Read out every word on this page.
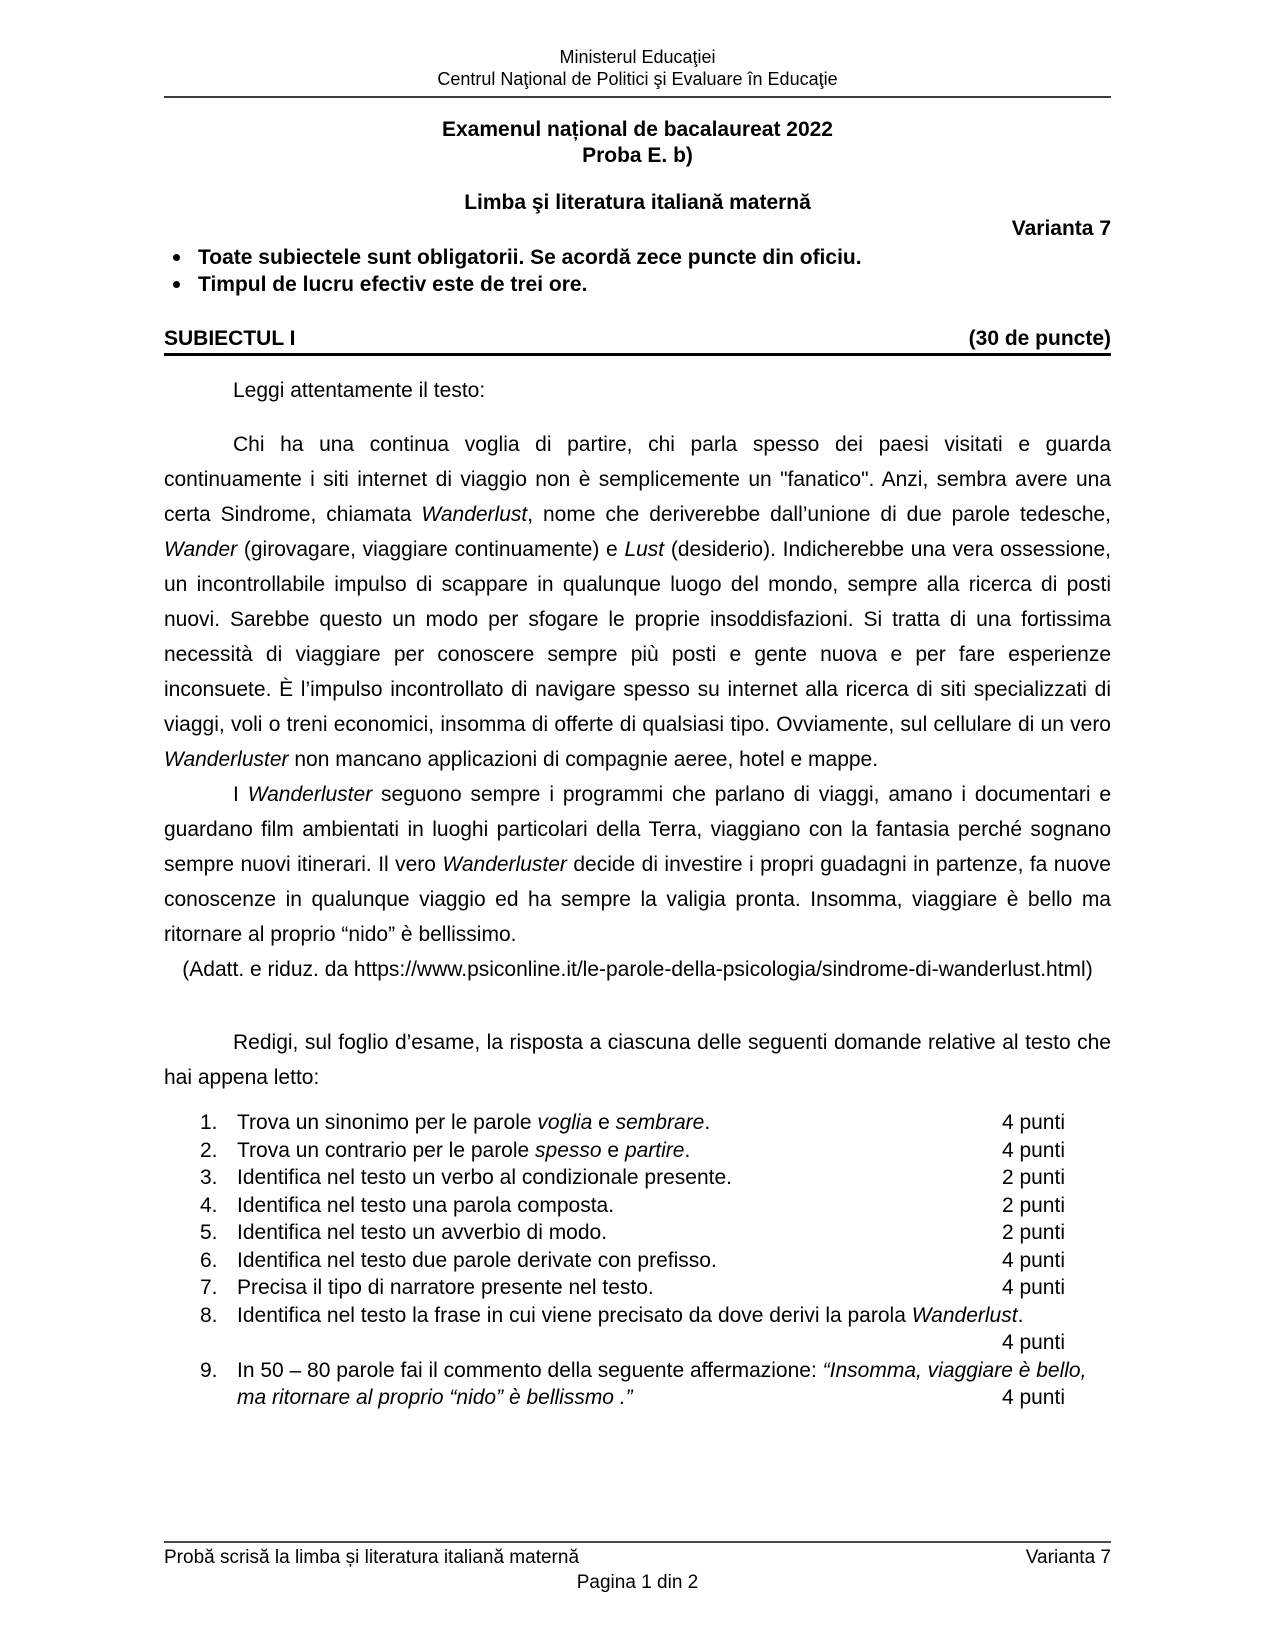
Ministerul Educaţiei
Centrul Naţional de Politici şi Evaluare în Educaţie
Examenul național de bacalaureat 2022
Proba E. b)
Limba şi literatura italiană maternă
Varianta 7
Toate subiectele sunt obligatorii. Se acordă zece puncte din oficiu.
Timpul de lucru efectiv este de trei ore.
SUBIECTUL I	(30 de puncte)

Leggi attentamente il testo:

Chi ha una continua voglia di partire, chi parla spesso dei paesi visitati e guarda continuamente i siti internet di viaggio non è semplicemente un "fanatico". Anzi, sembra avere una certa Sindrome, chiamata Wanderlust, nome che deriverebbe dall’unione di due parole tedesche, Wander (girovagare, viaggiare continuamente) e Lust (desiderio). Indicherebbe una vera ossessione, un incontrollabile impulso di scappare in qualunque luogo del mondo, sempre alla ricerca di posti nuovi. Sarebbe questo un modo per sfogare le proprie insoddisfazioni. Si tratta di una fortissima necessità di viaggiare per conoscere sempre più posti e gente nuova e per fare esperienze inconsuete. È l’impulso incontrollato di navigare spesso su internet alla ricerca di siti specializzati di viaggi, voli o treni economici, insomma di offerte di qualsiasi tipo. Ovviamente, sul cellulare di un vero Wanderluster non mancano applicazioni di compagnie aeree, hotel e mappe.

I Wanderluster seguono sempre i programmi che parlano di viaggi, amano i documentari e guardano film ambientati in luoghi particolari della Terra, viaggiano con la fantasia perché sognano sempre nuovi itinerari. Il vero Wanderluster decide di investire i propri guadagni in partenze, fa nuove conoscenze in qualunque viaggio ed ha sempre la valigia pronta. Insomma, viaggiare è bello ma ritornare al proprio “nido” è bellissimo.

(Adatt. e riduz. da https://www.psiconline.it/le-parole-della-psicologia/sindrome-di-wanderlust.html)

Redigi, sul foglio d’esame, la risposta a ciascuna delle seguenti domande relative al testo che hai appena letto:

1. Trova un sinonimo per le parole voglia e sembrare.	4 punti
2. Trova un contrario per le parole spesso e partire.	4 punti
3. Identifica nel testo un verbo al condizionale presente.	2 punti
4. Identifica nel testo una parola composta.	2 punti
5. Identifica nel testo un avverbio di modo.	2 punti
6. Identifica nel testo due parole derivate con prefisso.	4 punti
7. Precisa il tipo di narratore presente nel testo.	4 punti
8. Identifica nel testo la frase in cui viene precisato da dove derivi la parola Wanderlust.
4 punti
9. In 50 – 80 parole fai il commento della seguente affermazione: “Insomma, viaggiare è bello, ma ritornare al proprio “nido” è bellissmo .”	4 punti
Probă scrisă la limba și literatura italiană maternă	Varianta 7
Pagina 1 din 2
